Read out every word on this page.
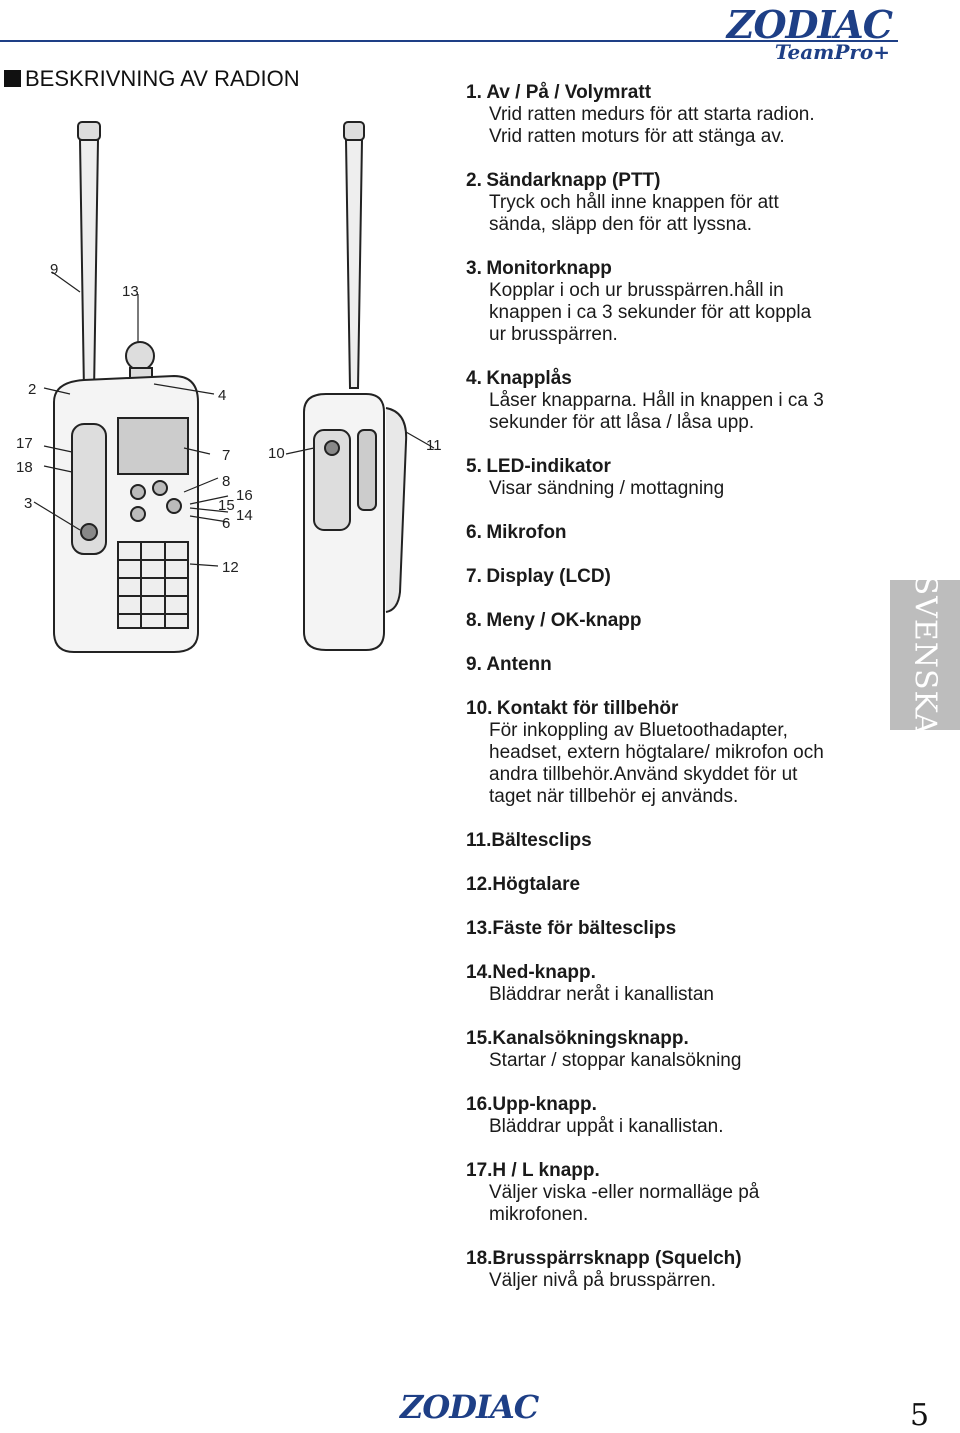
ZODIAC
TeamPro+
BESKRIVNING AV RADION
9
13
2	4
17
18
3
7
8
16
15
14
6
12
10	11
1. Av / På / Volymratt
Vrid ratten medurs för att starta radion.
Vrid ratten moturs för att stänga av.
2. Sändarknapp (PTT)
Tryck och håll inne knappen för att
sända, släpp den för att lyssna.
3. Monitorknapp
Kopplar i och ur brusspärren.håll in
knappen i ca 3 sekunder för att koppla
ur brusspärren.
4. Knapplås
Låser knapparna. Håll in knappen i ca 3
sekunder för att låsa / låsa upp.
5. LED-indikator
Visar sändning / mottagning
6. Mikrofon
7. Display (LCD)
8. Meny / OK-knapp
9. Antenn
10. Kontakt för tillbehör
För inkoppling av Bluetoothadapter,
headset, extern högtalare/ mikrofon och
andra tillbehör.Använd skyddet för ut
taget när tillbehör ej används.
11.Bältesclips
12.Högtalare
13.Fäste för bältesclips
14.Ned-knapp.
Bläddrar neråt i kanallistan
15.Kanalsökningsknapp.
Startar / stoppar kanalsökning
16.Upp-knapp.
Bläddrar uppåt i kanallistan.
17.H / L knapp.
Väljer viska -eller normalläge på
mikrofonen.
18.Brusspärrsknapp (Squelch)
Väljer nivå på brusspärren.
SVENSKA
ZODIAC	5
